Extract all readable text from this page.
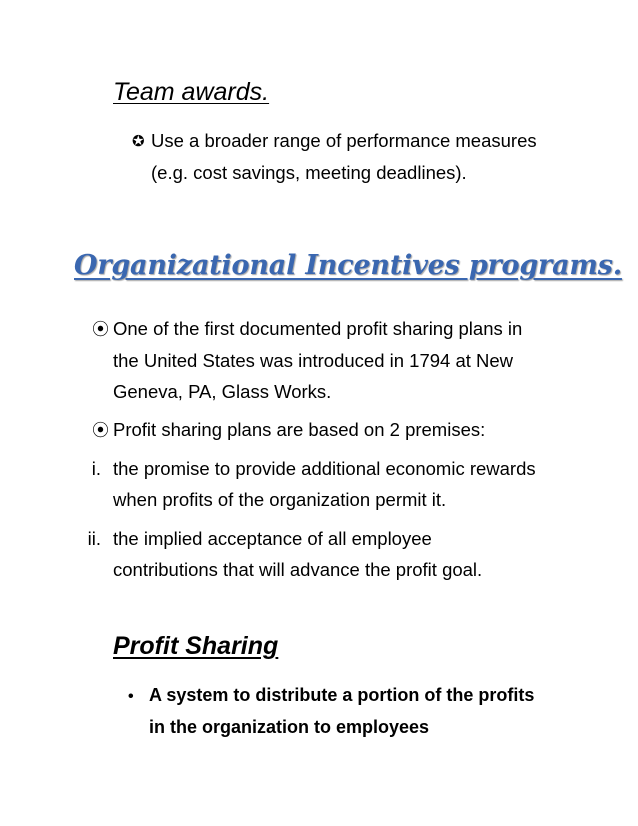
Team awards.
✪ Use a broader range of performance measures
(e.g. cost savings, meeting deadlines).
Organizational Incentives programs.
⦿ One of the first documented profit sharing plans in
the United States was introduced in 1794 at New
Geneva, PA, Glass Works.
⦿ Profit sharing plans are based on 2 premises:
i. the promise to provide additional economic rewards
when profits of the organization permit it.
ii. the implied acceptance of all employee
contributions that will advance the profit goal.
Profit Sharing
• A system to distribute a portion of the profits
in the organization to employees
